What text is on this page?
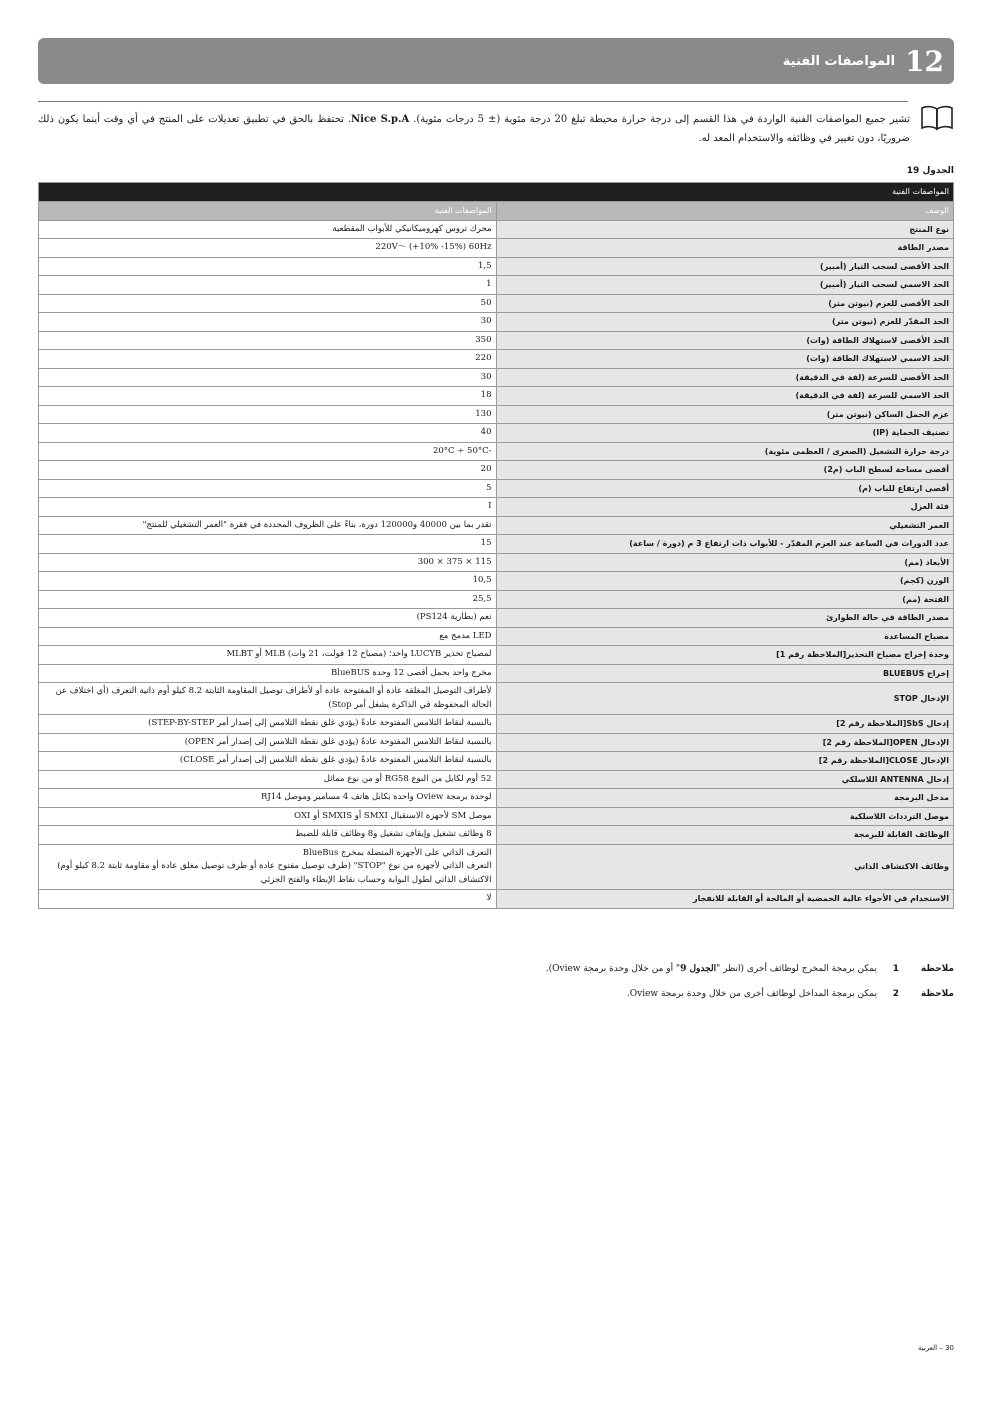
12
المواصفات الفنية
تشير جميع المواصفات الفنية الواردة في هذا القسم إلى درجة حرارة محيطة تبلغ 20 درجة مئوية (± 5 درجات مئوية). Nice S.p.A. تحتفظ بالحق في تطبيق تعديلات على المنتج في أي وقت أينما يكون ذلك ضروريًا، دون تغيير في وظائفه والاستخدام المعد له.
الجدول 19
المواصفات الفنية	
الوصف	المواصفات الفنية
نوع المنتج	محرك تروس كهروميكانيكي للأبواب المقطعية
مصدر الطاقة	220V〜 (+10% -15%) 60Hz
الحد الأقصى لسحب التيار (أمبير)	1,5
الحد الاسمي لسحب التيار (أمبير)	1
الحد الأقصى للعزم (نيوتن متر)	50
الحد المقدّر للعزم (نيوتن متر)	30
الحد الأقصى لاستهلاك الطاقة (وات)	350
الحد الاسمي لاستهلاك الطاقة (وات)	220
الحد الأقصى للسرعة (لفة في الدقيقة)	30
الحد الاسمي للسرعة (لفة في الدقيقة)	18
عزم الحمل الساكن (نيوتن متر)	130
تصنيف الحماية (IP)	40
درجة حرارة التشغيل (الصغرى / العظمى مئوية)	-20°C ÷ 50°C
أقصى مساحة لسطح الباب (م2)	20
أقصى ارتفاع للباب (م)	5
فئة العزل	I
العمر التشغيلي	تقدر بما بين 40000 و120000 دورة، بناءً على الظروف المحددة في فقرة "العمر التشغيلي للمنتج"
عدد الدورات في الساعة عند العزم المقدّر - للأبواب ذات ارتفاع 3 م (دورة / ساعة)	15
الأبعاد (مم)	115 × 375 × 300
الوزن (كجم)	10,5
الفتحة (مم)	25,5
مصدر الطاقة في حالة الطوارئ	نعم (بطارية PS124)
مصباح المساعدة	LED مدمج مع
وحدة إخراج مصباح التحذير[الملاحظة رقم 1]	لمصباح تحذير LUCYB واحد؛ (مصباح 12 فولت، 21 وات) MLB أو MLBT
إخراج BLUEBUS	مخرج واحد بحمل أقصى 12 وحدة BlueBUS
الإدخال STOP	لأطراف التوصيل المغلقة عادة أو المفتوحة عادة أو لأطراف توصيل المقاومة الثابتة 8.2 كيلو أوم ذاتية التعرف (أي اختلاف عن الحالة المحفوظة في الذاكرة يشغل أمر Stop)
إدخال SbS[الملاحظة رقم 2]	بالنسبة لنقاط التلامس المفتوحة عادةً (يؤدي غلق نقطة التلامس إلى إصدار أمر STEP-BY-STEP)
الإدخال OPEN[الملاحظة رقم 2]	بالنسبة لنقاط التلامس المفتوحة عادةً (يؤدي غلق نقطة التلامس إلى إصدار أمر OPEN)
الإدخال CLOSE[الملاحظة رقم 2]	بالنسبة لنقاط التلامس المفتوحة عادةً (يؤدي غلق نقطة التلامس إلى إصدار أمر CLOSE)
إدخال ANTENNA اللاسلكي	52 أوم لكابل من النوع RG58 أو من نوع مماثل
مدخل البرمجة	لوحدة برمجة Oview واحدة بكابل هاتف 4 مسامير وموصل RJ14
موصل الترددات اللاسلكية	موصل SM لأجهزة الاستقبال SMXI أو SMXIS أو OXI
الوظائف القابلة للبرمجة	8 وظائف تشغيل وإيقاف تشغيل و8 وظائف قابلة للضبط
وظائف الاكتشاف الذاتي	التعرف الذاتي على الأجهزة المتصلة بمخرج BlueBus
التعرف الذاتي لأجهزة من نوع "STOP" (طرف توصيل مفتوح عادة أو طرف توصيل مغلق عادة أو مقاومة ثابتة 8.2 كيلو أوم)
الاكتشاف الذاتي لطول البوابة وحساب نقاط الإبطاء والفتح الجزئي
الاستخدام في الأجواء عالية الحمضية أو المالحة أو القابلة للانفجار	لا
ملاحظة
1
يمكن برمجة المخرج لوظائف أخرى (انظر "الجدول 9" أو من خلال وحدة برمجة Oview).
ملاحظة
2
يمكن برمجة المداخل لوظائف أخرى من خلال وحدة برمجة Oview.
30 – العربية
